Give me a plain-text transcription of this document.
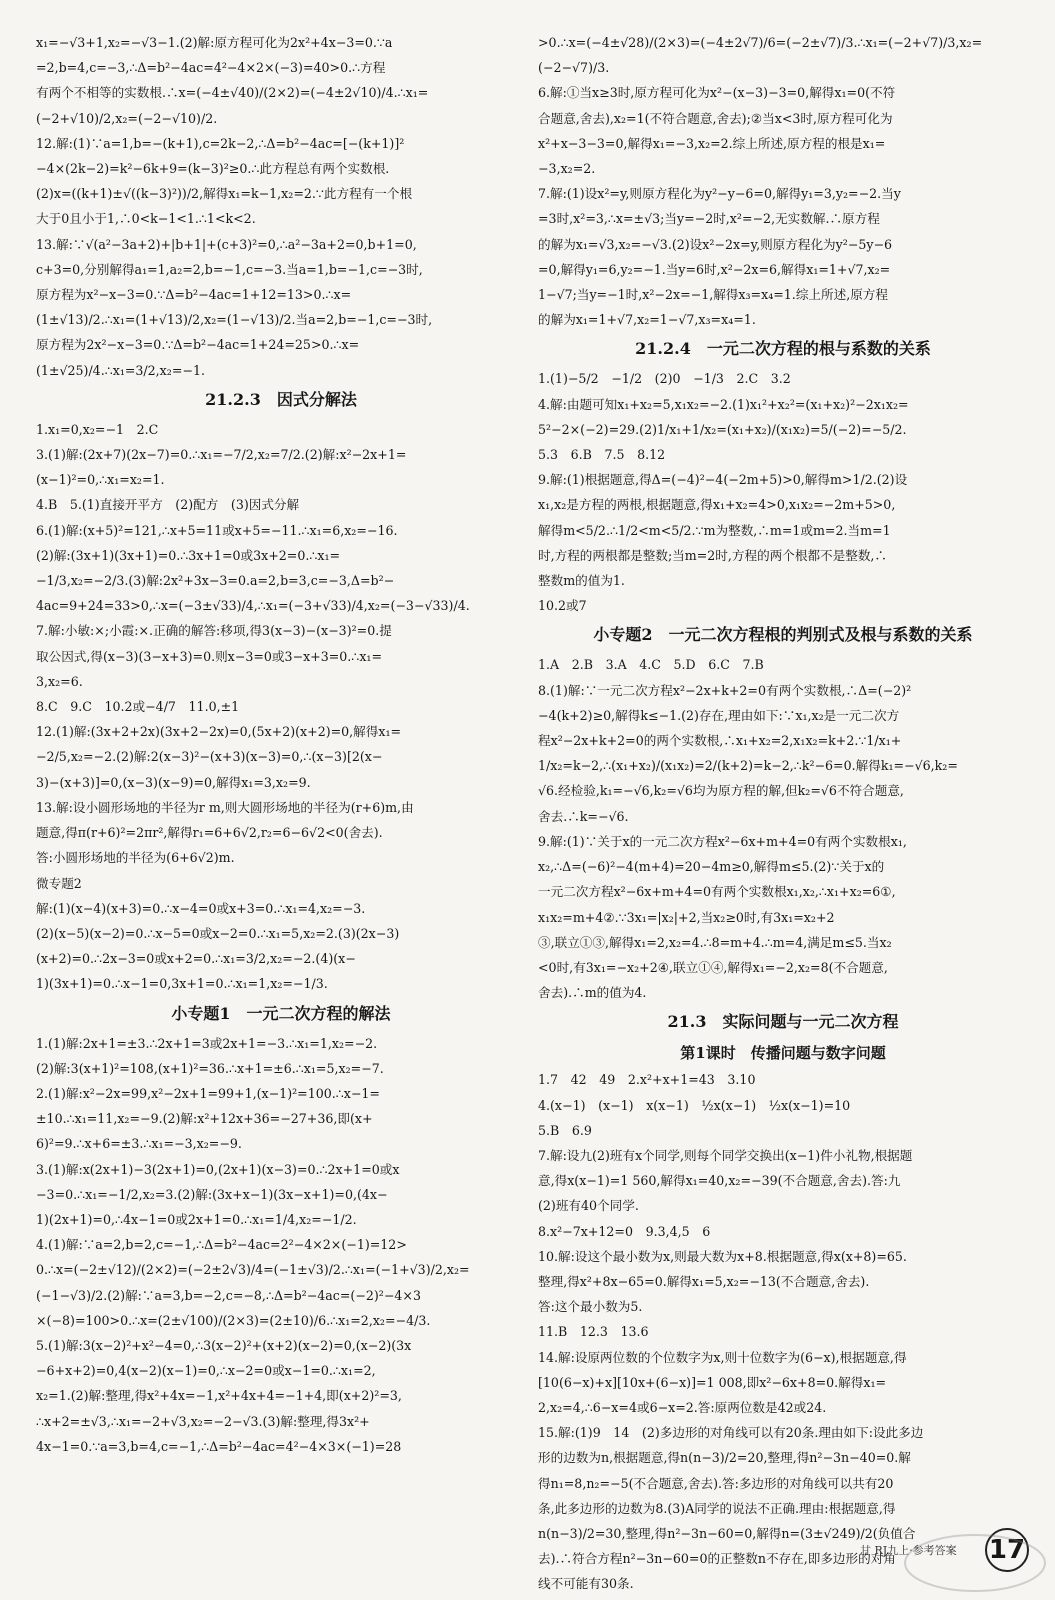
x₁=−√3+1,x₂=−√3−1.(2)解:原方程可化为2x²+4x−3=0.∵a
=2,b=4,c=−3,∴Δ=b²−4ac=4²−4×2×(−3)=40>0.∴方程
有两个不相等的实数根.∴x=(−4±√40)/(2×2)=(−4±2√10)/4.∴x₁=
(−2+√10)/2,x₂=(−2−√10)/2.
12.解:(1)∵a=1,b=−(k+1),c=2k−2,∴Δ=b²−4ac=[−(k+1)]²
−4×(2k−2)=k²−6k+9=(k−3)²≥0.∴此方程总有两个实数根.
(2)x=((k+1)±√((k−3)²))/2,解得x₁=k−1,x₂=2.∵此方程有一个根
大于0且小于1,∴0<k−1<1.∴1<k<2.
13.解:∵√(a²−3a+2)+|b+1|+(c+3)²=0,∴a²−3a+2=0,b+1=0,
c+3=0,分别解得a₁=1,a₂=2,b=−1,c=−3.当a=1,b=−1,c=−3时,
原方程为x²−x−3=0.∵Δ=b²−4ac=1+12=13>0.∴x=
(1±√13)/2.∴x₁=(1+√13)/2,x₂=(1−√13)/2.当a=2,b=−1,c=−3时,
原方程为2x²−x−3=0.∵Δ=b²−4ac=1+24=25>0.∴x=
(1±√25)/4.∴x₁=3/2,x₂=−1.
21.2.3　因式分解法
1.x₁=0,x₂=−1　2.C
3.(1)解:(2x+7)(2x−7)=0.∴x₁=−7/2,x₂=7/2.(2)解:x²−2x+1=
(x−1)²=0,∴x₁=x₂=1.
4.B　5.(1)直接开平方　(2)配方　(3)因式分解
6.(1)解:(x+5)²=121,∴x+5=11或x+5=−11.∴x₁=6,x₂=−16.
(2)解:(3x+1)(3x+1)=0.∴3x+1=0或3x+2=0.∴x₁=
−1/3,x₂=−2/3.(3)解:2x²+3x−3=0.a=2,b=3,c=−3,Δ=b²−
4ac=9+24=33>0,∴x=(−3±√33)/4,∴x₁=(−3+√33)/4,x₂=(−3−√33)/4.
7.解:小敏:×;小霞:×.正确的解答:移项,得3(x−3)−(x−3)²=0.提
取公因式,得(x−3)(3−x+3)=0.则x−3=0或3−x+3=0.∴x₁=
3,x₂=6.
8.C　9.C　10.2或−4/7　11.0,±1
12.(1)解:(3x+2+2x)(3x+2−2x)=0,(5x+2)(x+2)=0,解得x₁=
−2/5,x₂=−2.(2)解:2(x−3)²−(x+3)(x−3)=0,∴(x−3)[2(x−
3)−(x+3)]=0,(x−3)(x−9)=0,解得x₁=3,x₂=9.
13.解:设小圆形场地的半径为r m,则大圆形场地的半径为(r+6)m,由
题意,得π(r+6)²=2πr²,解得r₁=6+6√2,r₂=6−6√2<0(舍去).
答:小圆形场地的半径为(6+6√2)m.
微专题2
解:(1)(x−4)(x+3)=0.∴x−4=0或x+3=0.∴x₁=4,x₂=−3.
(2)(x−5)(x−2)=0.∴x−5=0或x−2=0.∴x₁=5,x₂=2.(3)(2x−3)
(x+2)=0.∴2x−3=0或x+2=0.∴x₁=3/2,x₂=−2.(4)(x−
1)(3x+1)=0.∴x−1=0,3x+1=0.∴x₁=1,x₂=−1/3.
小专题1　一元二次方程的解法
1.(1)解:2x+1=±3.∴2x+1=3或2x+1=−3.∴x₁=1,x₂=−2.
(2)解:3(x+1)²=108,(x+1)²=36.∴x+1=±6.∴x₁=5,x₂=−7.
2.(1)解:x²−2x=99,x²−2x+1=99+1,(x−1)²=100.∴x−1=
±10.∴x₁=11,x₂=−9.(2)解:x²+12x+36=−27+36,即(x+
6)²=9.∴x+6=±3.∴x₁=−3,x₂=−9.
3.(1)解:x(2x+1)−3(2x+1)=0,(2x+1)(x−3)=0.∴2x+1=0或x
−3=0.∴x₁=−1/2,x₂=3.(2)解:(3x+x−1)(3x−x+1)=0,(4x−
1)(2x+1)=0,∴4x−1=0或2x+1=0.∴x₁=1/4,x₂=−1/2.
4.(1)解:∵a=2,b=2,c=−1,∴Δ=b²−4ac=2²−4×2×(−1)=12>
0.∴x=(−2±√12)/(2×2)=(−2±2√3)/4=(−1±√3)/2.∴x₁=(−1+√3)/2,x₂=
(−1−√3)/2.(2)解:∵a=3,b=−2,c=−8,∴Δ=b²−4ac=(−2)²−4×3
×(−8)=100>0.∴x=(2±√100)/(2×3)=(2±10)/6.∴x₁=2,x₂=−4/3.
5.(1)解:3(x−2)²+x²−4=0,∴3(x−2)²+(x+2)(x−2)=0,(x−2)(3x
−6+x+2)=0,4(x−2)(x−1)=0,∴x−2=0或x−1=0.∴x₁=2,
x₂=1.(2)解:整理,得x²+4x=−1,x²+4x+4=−1+4,即(x+2)²=3,
∴x+2=±√3,∴x₁=−2+√3,x₂=−2−√3.(3)解:整理,得3x²+
4x−1=0.∵a=3,b=4,c=−1,∴Δ=b²−4ac=4²−4×3×(−1)=28
>0.∴x=(−4±√28)/(2×3)=(−4±2√7)/6=(−2±√7)/3.∴x₁=(−2+√7)/3,x₂=
(−2−√7)/3.
6.解:①当x≥3时,原方程可化为x²−(x−3)−3=0,解得x₁=0(不符
合题意,舍去),x₂=1(不符合题意,舍去);②当x<3时,原方程可化为
x²+x−3−3=0,解得x₁=−3,x₂=2.综上所述,原方程的根是x₁=
−3,x₂=2.
7.解:(1)设x²=y,则原方程化为y²−y−6=0,解得y₁=3,y₂=−2.当y
=3时,x²=3,∴x=±√3;当y=−2时,x²=−2,无实数解.∴原方程
的解为x₁=√3,x₂=−√3.(2)设x²−2x=y,则原方程化为y²−5y−6
=0,解得y₁=6,y₂=−1.当y=6时,x²−2x=6,解得x₁=1+√7,x₂=
1−√7;当y=−1时,x²−2x=−1,解得x₃=x₄=1.综上所述,原方程
的解为x₁=1+√7,x₂=1−√7,x₃=x₄=1.
21.2.4　一元二次方程的根与系数的关系
1.(1)−5/2　−1/2　(2)0　−1/3　2.C　3.2
4.解:由题可知x₁+x₂=5,x₁x₂=−2.(1)x₁²+x₂²=(x₁+x₂)²−2x₁x₂=
5²−2×(−2)=29.(2)1/x₁+1/x₂=(x₁+x₂)/(x₁x₂)=5/(−2)=−5/2.
5.3　6.B　7.5　8.12
9.解:(1)根据题意,得Δ=(−4)²−4(−2m+5)>0,解得m>1/2.(2)设
x₁,x₂是方程的两根,根据题意,得x₁+x₂=4>0,x₁x₂=−2m+5>0,
解得m<5/2.∴1/2<m<5/2.∵m为整数,∴m=1或m=2.当m=1
时,方程的两根都是整数;当m=2时,方程的两个根都不是整数,∴
整数m的值为1.
10.2或7
小专题2　一元二次方程根的判别式及根与系数的关系
1.A　2.B　3.A　4.C　5.D　6.C　7.B
8.(1)解:∵一元二次方程x²−2x+k+2=0有两个实数根,∴Δ=(−2)²
−4(k+2)≥0,解得k≤−1.(2)存在,理由如下:∵x₁,x₂是一元二次方
程x²−2x+k+2=0的两个实数根,∴x₁+x₂=2,x₁x₂=k+2.∵1/x₁+
1/x₂=k−2,∴(x₁+x₂)/(x₁x₂)=2/(k+2)=k−2,∴k²−6=0.解得k₁=−√6,k₂=
√6.经检验,k₁=−√6,k₂=√6均为原方程的解,但k₂=√6不符合题意,
舍去.∴k=−√6.
9.解:(1)∵关于x的一元二次方程x²−6x+m+4=0有两个实数根x₁,
x₂,∴Δ=(−6)²−4(m+4)=20−4m≥0,解得m≤5.(2)∵关于x的
一元二次方程x²−6x+m+4=0有两个实数根x₁,x₂,∴x₁+x₂=6①,
x₁x₂=m+4②.∵3x₁=|x₂|+2,当x₂≥0时,有3x₁=x₂+2
③,联立①③,解得x₁=2,x₂=4.∴8=m+4.∴m=4,满足m≤5.当x₂
<0时,有3x₁=−x₂+2④,联立①④,解得x₁=−2,x₂=8(不合题意,
舍去).∴m的值为4.
21.3　实际问题与一元二次方程
第1课时　传播问题与数字问题
1.7　42　49　2.x²+x+1=43　3.10
4.(x−1)　(x−1)　x(x−1)　½x(x−1)　½x(x−1)=10
5.B　6.9
7.解:设九(2)班有x个同学,则每个同学交换出(x−1)件小礼物,根据题
意,得x(x−1)=1 560,解得x₁=40,x₂=−39(不合题意,舍去).答:九
(2)班有40个同学.
8.x²−7x+12=0　9.3,4,5　6
10.解:设这个最小数为x,则最大数为x+8.根据题意,得x(x+8)=65.
整理,得x²+8x−65=0.解得x₁=5,x₂=−13(不合题意,舍去).
答:这个最小数为5.
11.B　12.3　13.6
14.解:设原两位数的个位数字为x,则十位数字为(6−x),根据题意,得
[10(6−x)+x][10x+(6−x)]=1 008,即x²−6x+8=0.解得x₁=
2,x₂=4,∴6−x=4或6−x=2.答:原两位数是42或24.
15.解:(1)9　14　(2)多边形的对角线可以有20条.理由如下:设此多边
形的边数为n,根据题意,得n(n−3)/2=20,整理,得n²−3n−40=0.解
得n₁=8,n₂=−5(不合题意,舍去).答:多边形的对角线可以共有20
条,此多边形的边数为8.(3)A同学的说法不正确.理由:根据题意,得
n(n−3)/2=30,整理,得n²−3n−60=0,解得n=(3±√249)/2(负值合
去).∴符合方程n²−3n−60=0的正整数n不存在,即多边形的对角
线不可能有30条.
甘 RJ九上·参考答案 17
